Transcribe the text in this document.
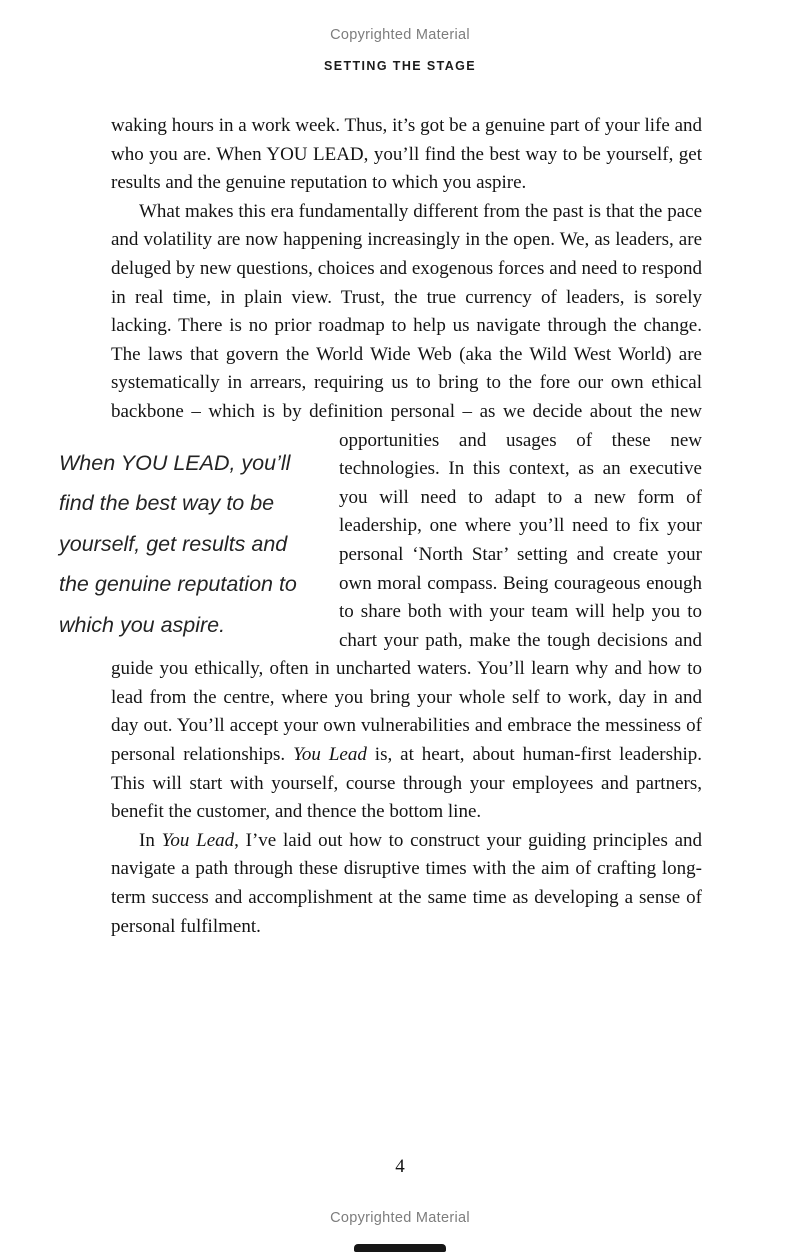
Copyrighted Material
SETTING THE STAGE

waking hours in a work week. Thus, it’s got be a genuine part of your life and who you are. When YOU LEAD, you’ll find the best way to be yourself, get results and the genuine reputation to which you aspire.

What makes this era fundamentally different from the past is that the pace and volatility are now happening increasingly in the open. We, as leaders, are deluged by new questions, choices and exogenous forces and need to respond in real time, in plain view. Trust, the true currency of leaders, is sorely lacking. There is no prior roadmap to help us navigate through the change. The laws that govern the World Wide Web (aka the Wild West World) are systematically in arrears, requiring us to bring to the fore our own ethical backbone – which is by definition personal – as we decide about the new opportunities and usages of these new
When YOU LEAD, you’ll find the best way to be yourself, get results and the genuine reputation to which you aspire.
technologies. In this context, as an executive you will need to adapt to a new form of leadership, one where you’ll need to fix your personal ‘North Star’ setting and create your own moral compass. Being courageous enough to share both with your team will help you to chart your path, make the tough decisions and guide you ethically, often in uncharted waters. You’ll learn why and how to lead from the centre, where you bring your whole self to work, day in and day out. You’ll accept your own vulnerabilities and embrace the messiness of personal relationships. You Lead is, at heart, about human-first leadership. This will start with yourself, course through your employees and partners, benefit the customer, and thence the bottom line.

In You Lead, I’ve laid out how to construct your guiding principles and navigate a path through these disruptive times with the aim of crafting long-term success and accomplishment at the same time as developing a sense of personal fulfilment.

4
Copyrighted Material
